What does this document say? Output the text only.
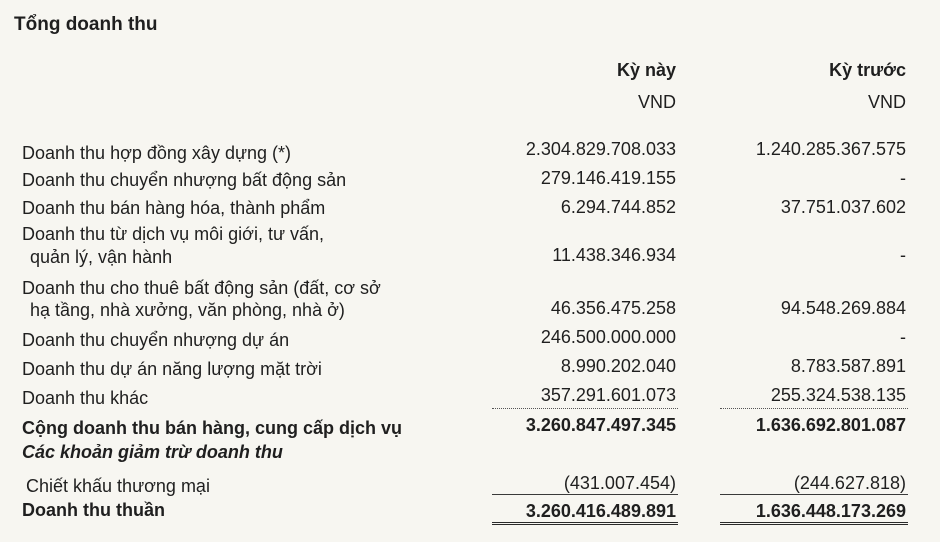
Tổng doanh thu
Kỳ này	Kỳ trước
VND	VND
Doanh thu hợp đồng xây dựng (*)	2.304.829.708.033	1.240.285.367.575
Doanh thu chuyển nhượng bất động sản	279.146.419.155	-
Doanh thu bán hàng hóa, thành phẩm	6.294.744.852	37.751.037.602
Doanh thu từ dịch vụ môi giới, tư vấn,
quản lý, vận hành	11.438.346.934	-
Doanh thu cho thuê bất động sản (đất, cơ sở
hạ tầng, nhà xưởng, văn phòng, nhà ở)	46.356.475.258	94.548.269.884
Doanh thu chuyển nhượng dự án	246.500.000.000	-
Doanh thu dự án năng lượng mặt trời	8.990.202.040	8.783.587.891
Doanh thu khác	357.291.601.073	255.324.538.135
Cộng doanh thu bán hàng, cung cấp dịch vụ	3.260.847.497.345	1.636.692.801.087
Các khoản giảm trừ doanh thu
Chiết khấu thương mại	(431.007.454)	(244.627.818)
Doanh thu thuần	3.260.416.489.891	1.636.448.173.269
